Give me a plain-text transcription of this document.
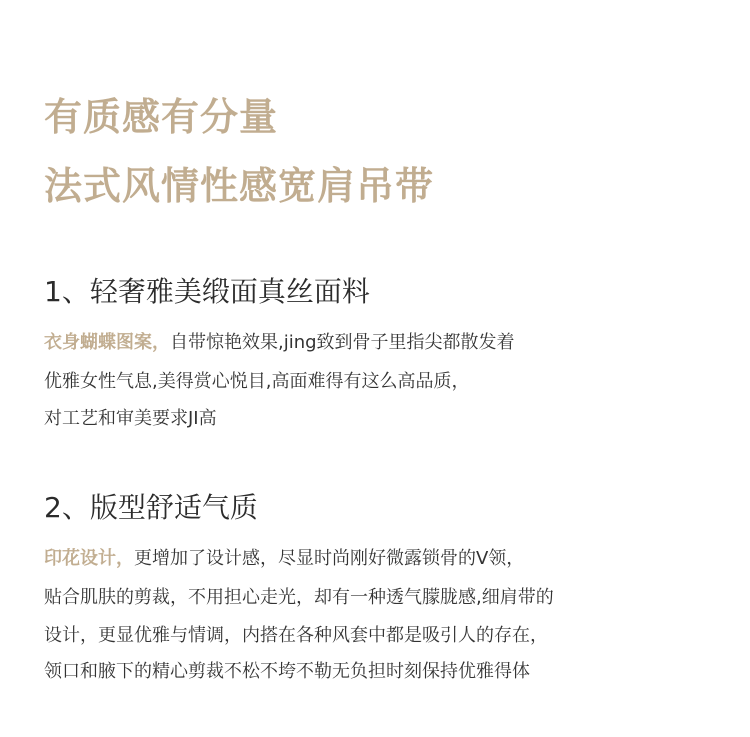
有质感有分量
法式风情性感宽肩吊带
1、轻奢雅美缎面真丝面料
衣身蝴蝶图案，自带惊艳效果,jing致到骨子里指尖都散发着
优雅女性气息,美得赏心悦目,高面难得有这么高品质，
对工艺和审美要求JI高
2、版型舒适气质
印花设计，更增加了设计感，尽显时尚刚好微露锁骨的V领，
贴合肌肤的剪裁，不用担心走光，却有一种透气朦胧感,细肩带的
设计，更显优雅与情调，内搭在各种风套中都是吸引人的存在，
领口和腋下的精心剪裁不松不垮不勒无负担时刻保持优雅得体
